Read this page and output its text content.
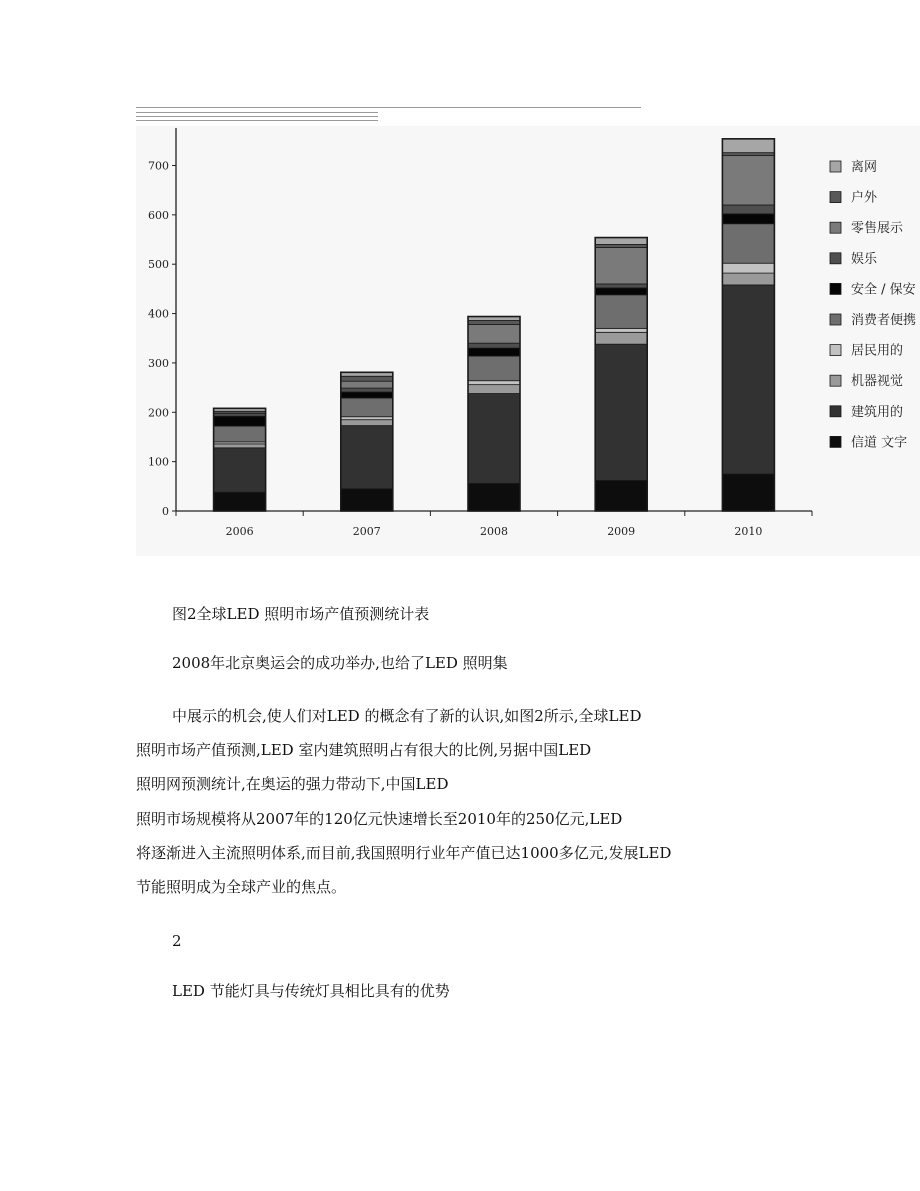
0
100
200
300
400
500
600
700
2006	2007	2008	2009	2010
离网
户外
零售展示
娱乐
安全 / 保安
消费者便携
居民用的
机器视觉
建筑用的
信道 文字
图2全球LED 照明市场产值预测统计表
2008年北京奥运会的成功举办,也给了LED 照明集
中展示的机会,使人们对LED 的概念有了新的认识,如图2所示,全球LED
照明市场产值预测,LED 室内建筑照明占有很大的比例,另据中国LED
照明网预测统计,在奥运的强力带动下,中国LED
照明市场规模将从2007年的120亿元快速增长至2010年的250亿元,LED
将逐渐进入主流照明体系,而目前,我国照明行业年产值已达1000多亿元,发展LED
节能照明成为全球产业的焦点。
2
LED 节能灯具与传统灯具相比具有的优势
